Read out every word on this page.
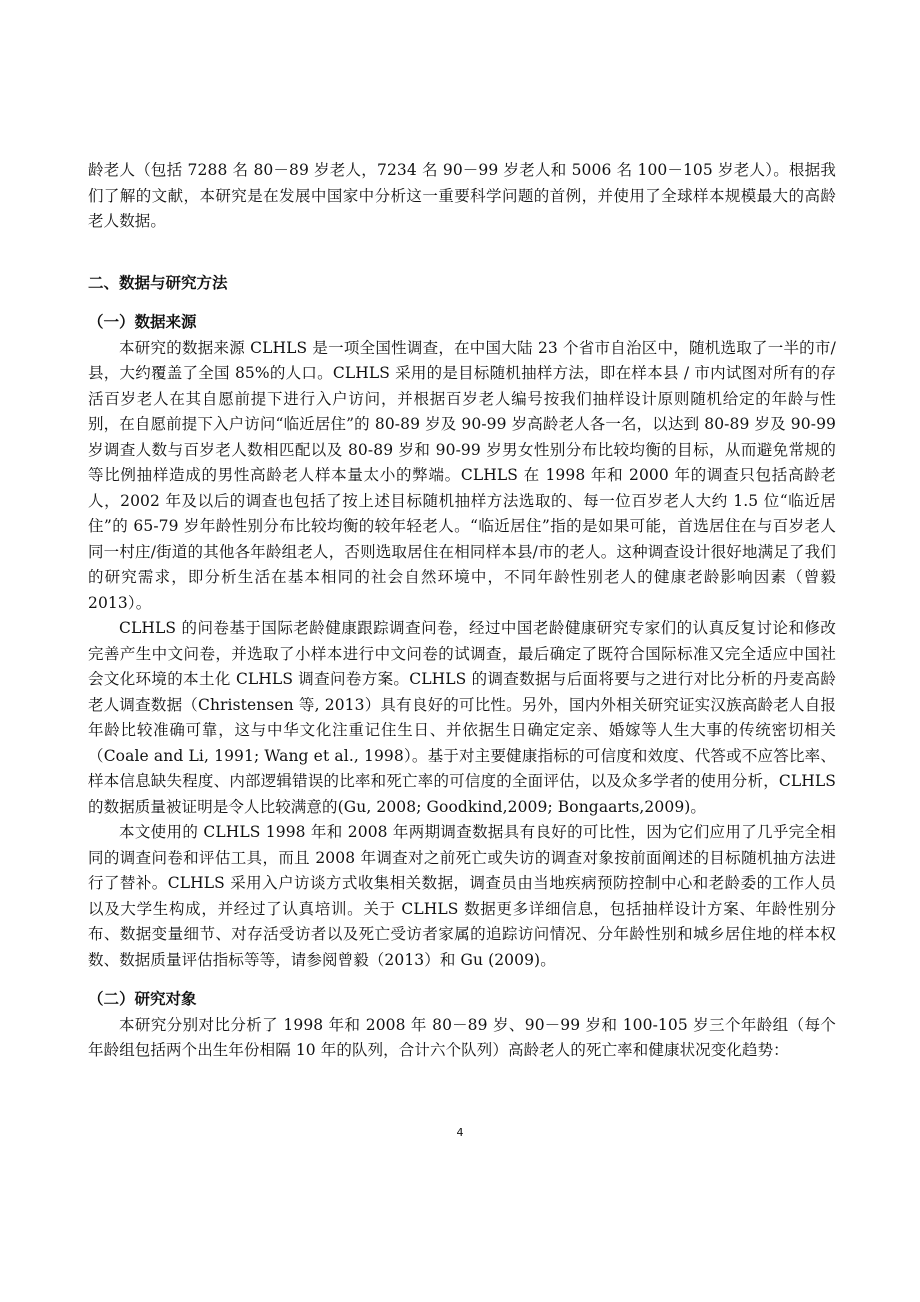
龄老人（包括 7288 名 80－89 岁老人，7234 名 90－99 岁老人和 5006 名 100－105 岁老人）。根据我们了解的文献，本研究是在发展中国家中分析这一重要科学问题的首例，并使用了全球样本规模最大的高龄老人数据。

二、数据与研究方法
（一）数据来源

本研究的数据来源 CLHLS 是一项全国性调查，在中国大陆 23 个省市自治区中，随机选取了一半的市/县，大约覆盖了全国 85%的人口。CLHLS 采用的是目标随机抽样方法，即在样本县 / 市内试图对所有的存活百岁老人在其自愿前提下进行入户访问，并根据百岁老人编号按我们抽样设计原则随机给定的年龄与性别，在自愿前提下入户访问“临近居住”的 80-89 岁及 90-99 岁高龄老人各一名，以达到 80-89 岁及 90-99 岁调查人数与百岁老人数相匹配以及 80-89 岁和 90-99 岁男女性别分布比较均衡的目标，从而避免常规的等比例抽样造成的男性高龄老人样本量太小的弊端。CLHLS 在 1998 年和 2000 年的调查只包括高龄老人，2002 年及以后的调查也包括了按上述目标随机抽样方法选取的、每一位百岁老人大约 1.5 位“临近居住”的 65-79 岁年龄性别分布比较均衡的较年轻老人。“临近居住”指的是如果可能，首选居住在与百岁老人同一村庄/街道的其他各年龄组老人，否则选取居住在相同样本县/市的老人。这种调查设计很好地满足了我们的研究需求，即分析生活在基本相同的社会自然环境中，不同年龄性别老人的健康老龄影响因素（曾毅 2013）。

CLHLS 的问卷基于国际老龄健康跟踪调查问卷，经过中国老龄健康研究专家们的认真反复讨论和修改完善产生中文问卷，并选取了小样本进行中文问卷的试调查，最后确定了既符合国际标准又完全适应中国社会文化环境的本土化 CLHLS 调查问卷方案。CLHLS 的调查数据与后面将要与之进行对比分析的丹麦高龄老人调查数据（Christensen 等, 2013）具有良好的可比性。另外，国内外相关研究证实汉族高龄老人自报年龄比较准确可靠，这与中华文化注重记住生日、并依据生日确定定亲、婚嫁等人生大事的传统密切相关（Coale and Li, 1991; Wang et al., 1998）。基于对主要健康指标的可信度和效度、代答或不应答比率、样本信息缺失程度、内部逻辑错误的比率和死亡率的可信度的全面评估，以及众多学者的使用分析，CLHLS 的数据质量被证明是令人比较满意的(Gu, 2008; Goodkind,2009; Bongaarts,2009)。

本文使用的 CLHLS 1998 年和 2008 年两期调查数据具有良好的可比性，因为它们应用了几乎完全相同的调查问卷和评估工具，而且 2008 年调查对之前死亡或失访的调查对象按前面阐述的目标随机抽方法进行了替补。CLHLS 采用入户访谈方式收集相关数据，调查员由当地疾病预防控制中心和老龄委的工作人员以及大学生构成，并经过了认真培训。关于 CLHLS 数据更多详细信息，包括抽样设计方案、年龄性别分布、数据变量细节、对存活受访者以及死亡受访者家属的追踪访问情况、分年龄性别和城乡居住地的样本权数、数据质量评估指标等等，请参阅曾毅（2013）和 Gu (2009)。

（二）研究对象

本研究分别对比分析了 1998 年和 2008 年 80－89 岁、90－99 岁和 100-105 岁三个年龄组（每个年龄组包括两个出生年份相隔 10 年的队列，合计六个队列）高龄老人的死亡率和健康状况变化趋势：

4
